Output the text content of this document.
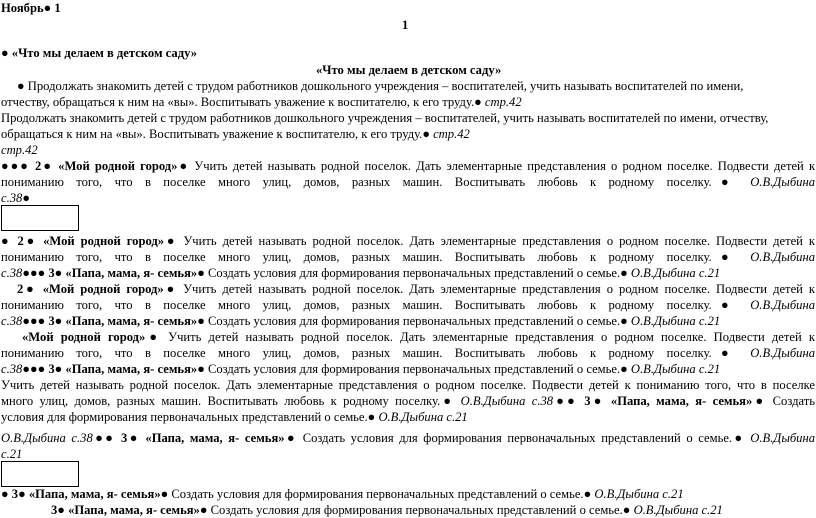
Ноябрь● 1
1
● «Что мы делаем в детском саду»
«Что мы делаем в детском саду»
● Продолжать знакомить детей с трудом работников дошкольного учреждения – воспитателей, учить называть воспитателей по имени,
отчеству, обращаться к ним на «вы». Воспитывать уважение к воспитателю, к его труду.● стр.42
Продолжать знакомить детей с трудом работников дошкольного учреждения – воспитателей, учить называть воспитателей по имени, отчеству,
обращаться к ним на «вы». Воспитывать уважение к воспитателю, к его труду.● стр.42
стр.42
●●● 2● «Мой родной город»● Учить детей называть родной поселок. Дать элементарные представления о родном поселке. Подвести детей к
пониманию того, что в поселке много улиц, домов, разных машин. Воспитывать любовь к родному поселку.● О.В.Дыбина
с.38●
● 2● «Мой родной город»● Учить детей называть родной поселок. Дать элементарные представления о родном поселке. Подвести детей к
пониманию того, что в поселке много улиц, домов, разных машин. Воспитывать любовь к родному поселку.● О.В.Дыбина
с.38●●● 3● «Папа, мама, я- семья»● Создать условия для формирования первоначальных представлений о семье.● О.В.Дыбина с.21
2● «Мой родной город»● Учить детей называть родной поселок. Дать элементарные представления о родном поселке. Подвести детей к
пониманию того, что в поселке много улиц, домов, разных машин. Воспитывать любовь к родному поселку.● О.В.Дыбина
с.38●●● 3● «Папа, мама, я- семья»● Создать условия для формирования первоначальных представлений о семье.● О.В.Дыбина с.21
«Мой родной город»● Учить детей называть родной поселок. Дать элементарные представления о родном поселке. Подвести детей к
пониманию того, что в поселке много улиц, домов, разных машин. Воспитывать любовь к родному поселку.● О.В.Дыбина
с.38●●● 3● «Папа, мама, я- семья»● Создать условия для формирования первоначальных представлений о семье.● О.В.Дыбина с.21
Учить детей называть родной поселок. Дать элементарные представления о родном поселке. Подвести детей к пониманию того, что в поселке
много улиц, домов, разных машин. Воспитывать любовь к родному поселку.● О.В.Дыбина с.38●● 3● «Папа, мама, я- семья»● Создать
условия для формирования первоначальных представлений о семье.● О.В.Дыбина с.21
О.В.Дыбина с.38●● 3● «Папа, мама, я- семья»● Создать условия для формирования первоначальных представлений о семье.● О.В.Дыбина
с.21
● 3● «Папа, мама, я- семья»● Создать условия для формирования первоначальных представлений о семье.● О.В.Дыбина с.21
3● «Папа, мама, я- семья»● Создать условия для формирования первоначальных представлений о семье.● О.В.Дыбина с.21
